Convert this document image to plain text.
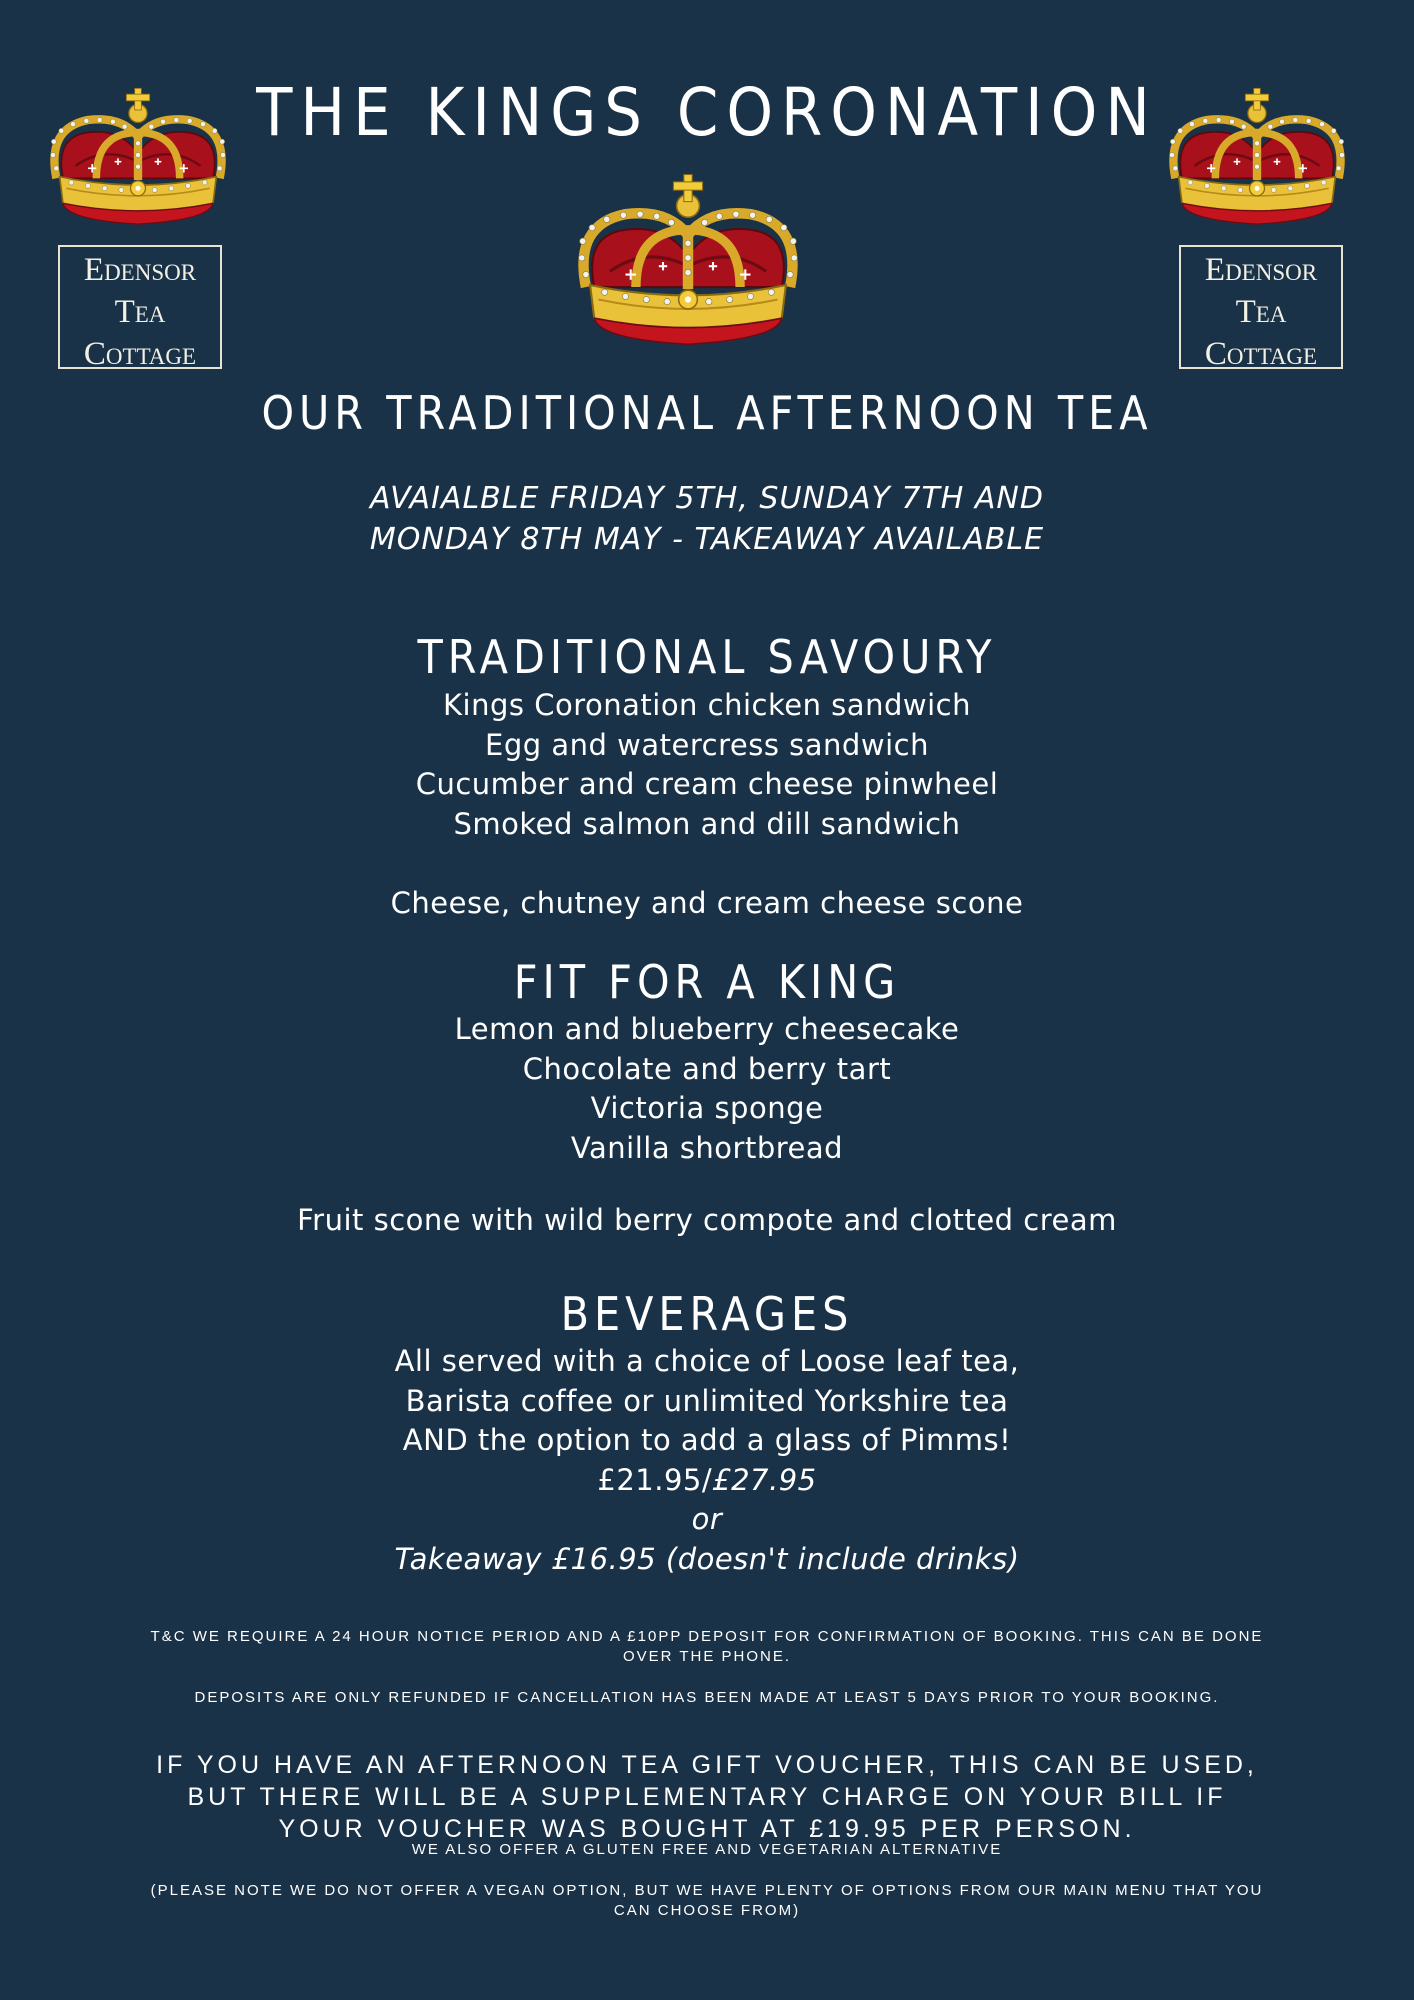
Edensor
Tea
Cottage
Edensor
Tea
Cottage
THE KINGS CORONATION
OUR TRADITIONAL AFTERNOON TEA
AVAIALBLE FRIDAY 5TH, SUNDAY 7TH AND
MONDAY 8TH MAY - TAKEAWAY AVAILABLE
TRADITIONAL SAVOURY

Kings Coronation chicken sandwich

Egg and watercress sandwich

Cucumber and cream cheese pinwheel

Smoked salmon and dill sandwich

Cheese, chutney and cream cheese scone

FIT FOR A KING

Lemon and blueberry cheesecake

Chocolate and berry tart

Victoria sponge

Vanilla shortbread

Fruit scone with wild berry compote and clotted cream

BEVERAGES

All served with a choice of Loose leaf tea,

Barista coffee or unlimited Yorkshire tea

AND the option to add a glass of Pimms!

£21.95/£27.95

or

Takeaway £16.95 (doesn't include drinks)

T&C WE REQUIRE A 24 HOUR NOTICE PERIOD AND A £10PP DEPOSIT FOR CONFIRMATION OF BOOKING. THIS CAN BE DONE OVER THE PHONE.

DEPOSITS ARE ONLY REFUNDED IF CANCELLATION HAS BEEN MADE AT LEAST 5 DAYS PRIOR TO YOUR BOOKING.

IF YOU HAVE AN AFTERNOON TEA GIFT VOUCHER, THIS CAN BE USED, BUT THERE WILL BE A SUPPLEMENTARY CHARGE ON YOUR BILL IF YOUR VOUCHER WAS BOUGHT AT £19.95 PER PERSON.

WE ALSO OFFER A GLUTEN FREE AND VEGETARIAN ALTERNATIVE

(PLEASE NOTE WE DO NOT OFFER A VEGAN OPTION, BUT WE HAVE PLENTY OF OPTIONS FROM OUR MAIN MENU THAT YOU CAN CHOOSE FROM)
